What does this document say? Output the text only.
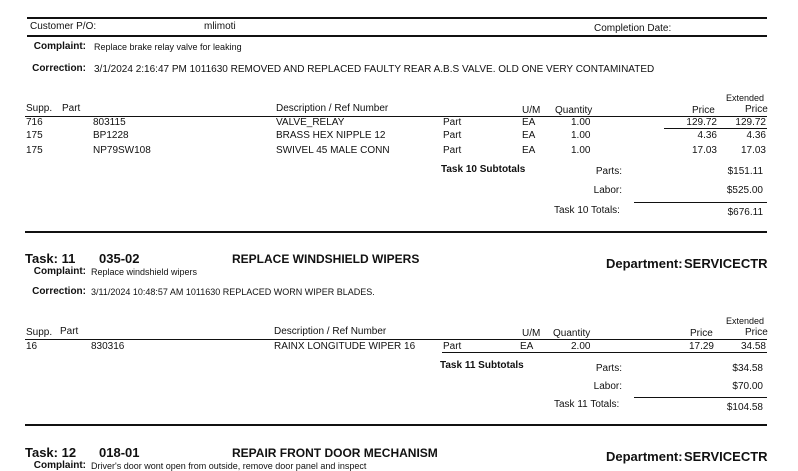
Customer P/O:	mlimoti	Completion Date:
Complaint: Replace brake relay valve for leaking
Correction: 3/1/2024 2:16:47 PM 1011630 REMOVED AND REPLACED FAULTY REAR A.B.S VALVE. OLD ONE VERY CONTAMINATED
Extended
Supp. Part	Description / Ref Number	U/M Quantity	Price	Price
716	803115	VALVE_RELAY	Part	EA	1.00	129.72	129.72
175	BP1228	BRASS HEX NIPPLE 12	Part	EA	1.00	4.36	4.36
175	NP79SW108	SWIVEL 45 MALE CONN	Part	EA	1.00	17.03	17.03
Task 10 Subtotals	Parts:	$151.11
Labor:	$525.00
Task 10 Totals:	$676.11
Task: 11 035-02	REPLACE WINDSHIELD WIPERS	Department: SERVICECTR
Complaint: Replace windshield wipers
Correction: 3/11/2024 10:48:57 AM 1011630 REPLACED WORN WIPER BLADES.
Extended
Supp. Part	Description / Ref Number	U/M Quantity	Price	Price
16	830316	RAINX LONGITUDE WIPER 16	Part	EA	2.00	17.29	34.58
Task 11 Subtotals	Parts:	$34.58
Labor:	$70.00
Task 11 Totals:	$104.58
Task: 12 018-01	REPAIR FRONT DOOR MECHANISM	Department: SERVICECTR
Complaint: Driver's door wont open from outside, remove door panel and inspect
